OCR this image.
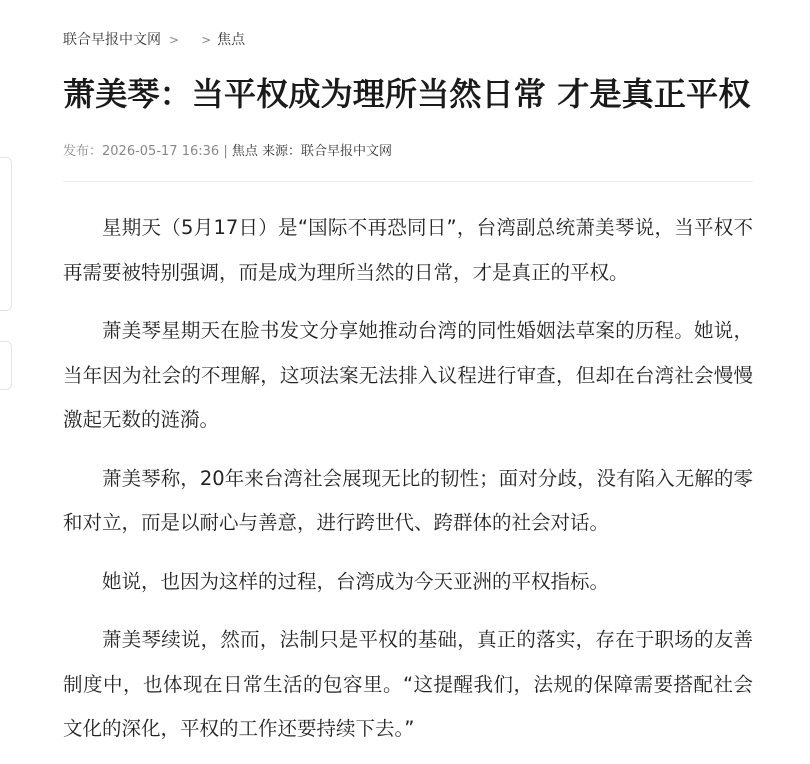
联合早报中文网 > > 焦点
萧美琴：当平权成为理所当然日常 才是真正平权
发布：2026-05-17 16:36 | 焦点 来源：联合早报中文网

星期天（5月17日）是“国际不再恐同日”，台湾副总统萧美琴说，当平权不再需要被特别强调，而是成为理所当然的日常，才是真正的平权。

萧美琴星期天在脸书发文分享她推动台湾的同性婚姻法草案的历程。她说，当年因为社会的不理解，这项法案无法排入议程进行审查，但却在台湾社会慢慢激起无数的涟漪。

萧美琴称，20年来台湾社会展现无比的韧性；面对分歧，没有陷入无解的零和对立，而是以耐心与善意，进行跨世代、跨群体的社会对话。

她说，也因为这样的过程，台湾成为今天亚洲的平权指标。

萧美琴续说，然而，法制只是平权的基础，真正的落实，存在于职场的友善制度中，也体现在日常生活的包容里。“这提醒我们，法规的保障需要搭配社会文化的深化，平权的工作还要持续下去。”
